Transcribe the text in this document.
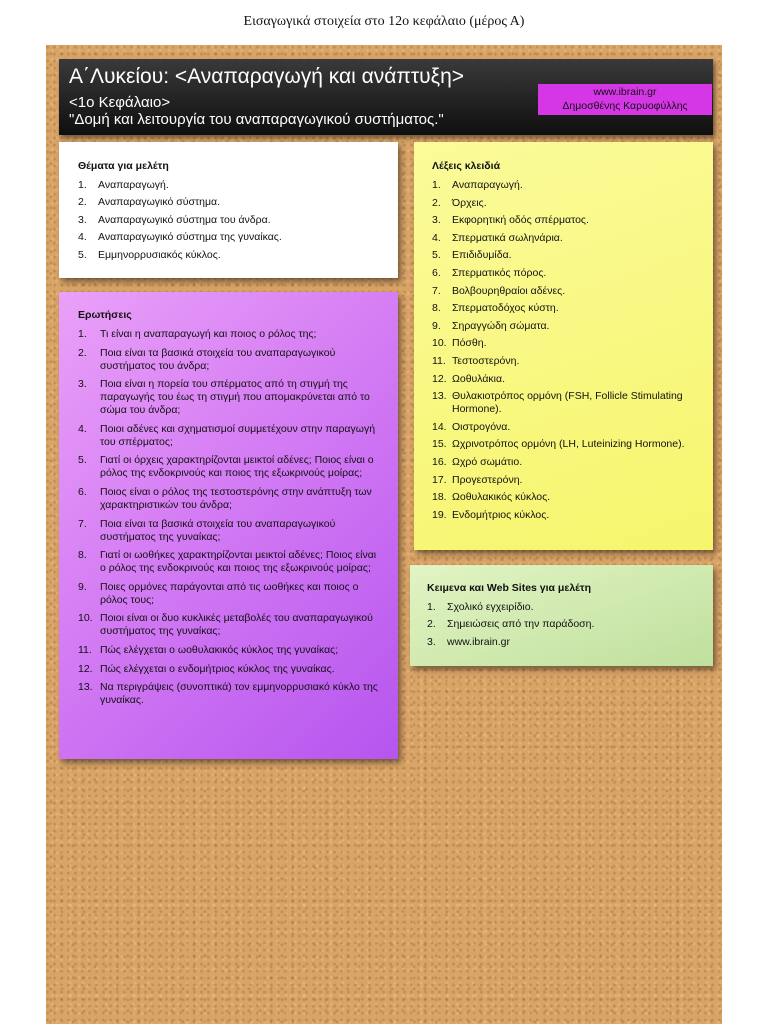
Εισαγωγικά στοιχεία στο 12ο κεφάλαιο (μέρος Α)
Α΄Λυκείου: <Αναπαραγωγή και ανάπτυξη>
<1ο Κεφάλαιο>
"Δομή και λειτουργία του αναπαραγωγικού συστήματος."
www.ibrain.gr
Δημοσθένης Καρυοφύλλης
Θέματα για μελέτη
1.	Αναπαραγωγή.
2.	Αναπαραγωγικό σύστημα.
3.	Αναπαραγωγικό σύστημα του άνδρα.
4.	Αναπαραγωγικό σύστημα της γυναίκας.
5.	Εμμηνορρυσιακός κύκλος.
Ερωτήσεις
1.	Τι είναι η αναπαραγωγή και ποιος ο ρόλος της;
2.	Ποια είναι τα βασικά στοιχεία του αναπαραγωγικού συστήματος του άνδρα;
3.	Ποια είναι η πορεία του σπέρματος από τη στιγμή της παραγωγής του έως τη στιγμή που απομακρύνεται από το σώμα του άνδρα;
4.	Ποιοι αδένες και σχηματισμοί συμμετέχουν στην παραγωγή του σπέρματος;
5.	Γιατί οι όρχεις χαρακτηρίζονται μεικτοί αδένες; Ποιος είναι ο ρόλος της ενδοκρινούς και ποιος της εξωκρινούς μοίρας;
6.	Ποιος είναι ο ρόλος της τεστοστερόνης στην ανάπτυξη των χαρακτηριστικών του άνδρα;
7.	Ποια είναι τα βασικά στοιχεία του αναπαραγωγικού συστήματος της γυναίκας;
8.	Γιατί οι ωοθήκες χαρακτηρίζονται μεικτοί αδένες; Ποιος είναι ο ρόλος της ενδοκρινούς και ποιος της εξωκρινούς μοίρας;
9.	Ποιες ορμόνες παράγονται από τις ωοθήκες και ποιος ο ρόλος τους;
10. Ποιοι είναι οι δυο κυκλικές μεταβολές του αναπαραγωγικού συστήματος της γυναίκας;
11. Πώς ελέγχεται ο ωοθυλακικός κύκλος της γυναίκας;
12. Πώς ελέγχεται ο ενδομήτριος κύκλος της γυναίκας.
13. Να περιγράψεις (συνοπτικά) τον εμμηνορρυσιακό κύκλο της γυναίκας.
Λέξεις κλειδιά
1.	Αναπαραγωγή.
2.	Όρχεις.
3.	Εκφορητική οδός σπέρματος.
4.	Σπερματικά σωληνάρια.
5.	Επιδιδυμίδα.
6.	Σπερματικός πόρος.
7.	Βολβουρηθραίοι αδένες.
8.	Σπερματοδόχος κύστη.
9.	Σηραγγώδη σώματα.
10. Πόσθη.
11. Τεστοστερόνη.
12. Ωοθυλάκια.
13. Θυλακιοτρόπος ορμόνη (FSH, Follicle Stimulating Hormone).
14. Οιστρογόνα.
15. Ωχρινοτρόπος ορμόνη (LH, Luteinizing Hormone).
16. Ωχρό σωμάτιο.
17. Προγεστερόνη.
18. Ωοθυλακικός κύκλος.
19. Ενδομήτριος κύκλος.
Κειμενα και Web Sites για μελέτη
1.	Σχολικό εγχειρίδιο.
2.	Σημειώσεις από την παράδοση.
3.	www.ibrain.gr
